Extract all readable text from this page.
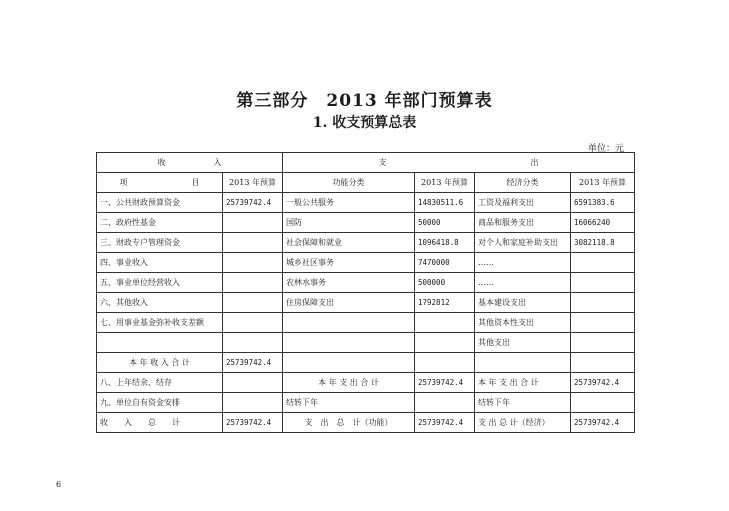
第三部分　2013 年部门预算表
1. 收支预算总表
单位：元
收　　　　　　入		支　　　　　　　　　　　　　　　　　　出			
项　　　　　　　　目	2013 年预算	功能分类	2013 年预算	经济分类	2013 年预算
一、公共财政预算资金	25739742.4	一般公共服务	14830511.6	工资及福利支出	6591383.6
二、政府性基金		国防	50000	商品和服务支出	16066240
三、财政专户管理资金		社会保障和就业	1096418.8	对个人和家庭补助支出	3082118.8
四、事业收入		城乡社区事务	7470000	……	
五、事业单位经营收入		农林水事务	500000	……	
六、其他收入		住房保障支出	1792812	基本建设支出	
七、用事业基金弥补收支差额				其他资本性支出	
				其他支出	
本 年 收 入 合 计	25739742.4				
八、上年结余、结存		本 年 支 出 合 计	25739742.4	本 年 支 出 合 计	25739742.4
九、单位自有资金安排		结转下年		结转下年	
收　　入　　总　　计	25739742.4	支　出　总　计（功能）	25739742.4	支 出 总 计（经济）	25739742.4
6
